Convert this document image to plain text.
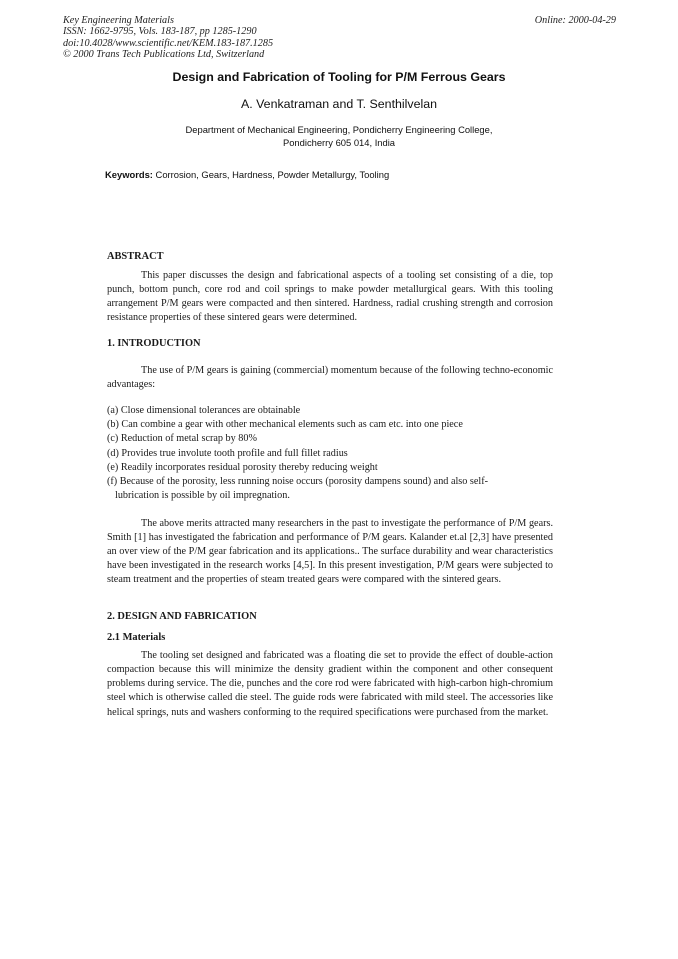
Key Engineering Materials
ISSN: 1662-9795, Vols. 183-187, pp 1285-1290
doi:10.4028/www.scientific.net/KEM.183-187.1285
© 2000 Trans Tech Publications Ltd, Switzerland
Online: 2000-04-29
Design and Fabrication of Tooling for P/M Ferrous Gears
A. Venkatraman and T. Senthilvelan
Department of Mechanical Engineering, Pondicherry Engineering College,
Pondicherry 605 014, India
Keywords: Corrosion, Gears, Hardness, Powder Metallurgy, Tooling
ABSTRACT

This paper discusses the design and fabricational aspects of a tooling set consisting of a die, top punch, bottom punch, core rod and coil springs to make powder metallurgical gears. With this tooling arrangement P/M gears were compacted and then sintered. Hardness, radial crushing strength and corrosion resistance properties of these sintered gears were determined.

1. INTRODUCTION

The use of P/M gears is gaining (commercial) momentum because of the following techno-economic advantages:

(a) Close dimensional tolerances are obtainable

(b) Can combine a gear with other mechanical elements such as cam etc. into one piece

(c) Reduction of metal scrap by 80%

(d) Provides true involute tooth profile and full fillet radius

(e) Readily incorporates residual porosity thereby reducing weight

(f) Because of the porosity, less running noise occurs (porosity dampens sound) and also self-lubrication is possible by oil impregnation.

The above merits attracted many researchers in the past to investigate the performance of P/M gears. Smith [1] has investigated the fabrication and performance of P/M gears. Kalander et.al [2,3] have presented an over view of the P/M gear fabrication and its applications.. The surface durability and wear characteristics have been investigated in the research works [4,5]. In this present investigation, P/M gears were subjected to steam treatment and the properties of steam treated gears were compared with the sintered gears.

2. DESIGN AND FABRICATION
2.1 Materials

The tooling set designed and fabricated was a floating die set to provide the effect of double-action compaction because this will minimize the density gradient within the component and other consequent problems during service. The die, punches and the core rod were fabricated with high-carbon high-chromium steel which is otherwise called die steel. The guide rods were fabricated with mild steel. The accessories like helical springs, nuts and washers conforming to the required specifications were purchased from the market.
